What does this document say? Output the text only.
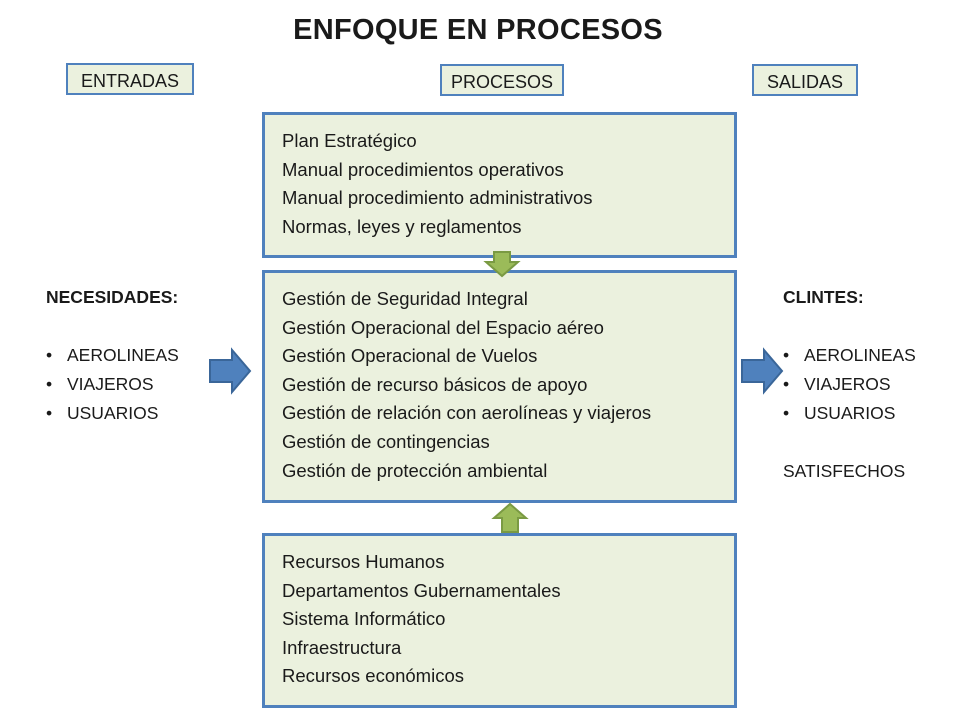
ENFOQUE EN PROCESOS
ENTRADAS	PROCESOS	SALIDAS
Plan Estratégico
Manual procedimientos operativos
Manual procedimiento administrativos
Normas, leyes y reglamentos
Gestión de Seguridad Integral
Gestión Operacional del Espacio aéreo
Gestión Operacional de Vuelos
Gestión de recurso básicos de apoyo
Gestión de relación con aerolíneas y viajeros
Gestión de contingencias
Gestión de protección ambiental
Recursos Humanos
Departamentos Gubernamentales
Sistema Informático
Infraestructura
Recursos económicos
NECESIDADES:
• AEROLINEAS
• VIAJEROS
• USUARIOS
CLINTES:
• AEROLINEAS
• VIAJEROS
• USUARIOS
SATISFECHOS
